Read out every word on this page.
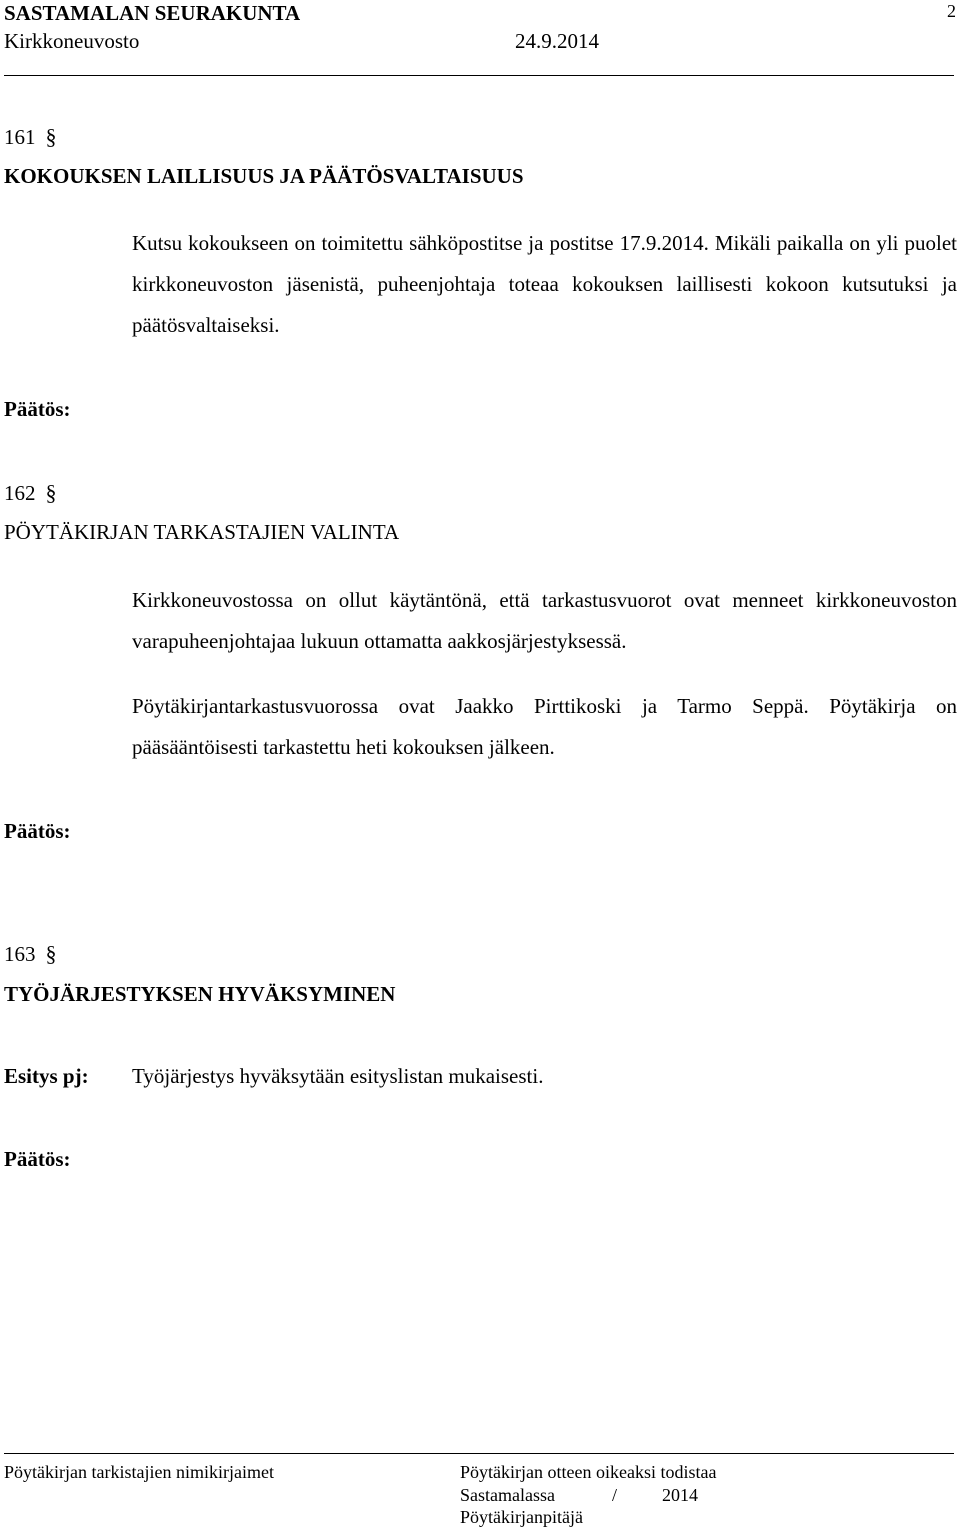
SASTAMALAN SEURAKUNTA
Kirkkoneuvosto	24.9.2014
2
161 §
KOKOUKSEN LAILLISUUS JA PÄÄTÖSVALTAISUUS
Kutsu kokoukseen on toimitettu sähköpostitse ja postitse 17.9.2014. Mikäli paikalla on yli puolet kirkkoneuvoston jäsenistä, puheenjohtaja toteaa kokouksen laillisesti kokoon kutsutuksi ja päätösvaltaiseksi.
Päätös:
162 §
PÖYTÄKIRJAN TARKASTAJIEN VALINTA
Kirkkoneuvostossa on ollut käytäntönä, että tarkastusvuorot ovat menneet kirkkoneuvoston varapuheenjohtajaa lukuun ottamatta aakkosjärjestyksessä.
Pöytäkirjantarkastusvuorossa ovat Jaakko Pirttikoski ja Tarmo Seppä. Pöytäkirja on pääsääntöisesti tarkastettu heti kokouksen jälkeen.
Päätös:
163 §
TYÖJÄRJESTYKSEN HYVÄKSYMINEN
Esitys pj: Työjärjestys hyväksytään esityslistan mukaisesti.
Päätös:
Pöytäkirjan tarkistajien nimikirjaimet	Pöytäkirjan otteen oikeaksi todistaa
Sastamalassa	/ 2014
Pöytäkirjanpitäjä
